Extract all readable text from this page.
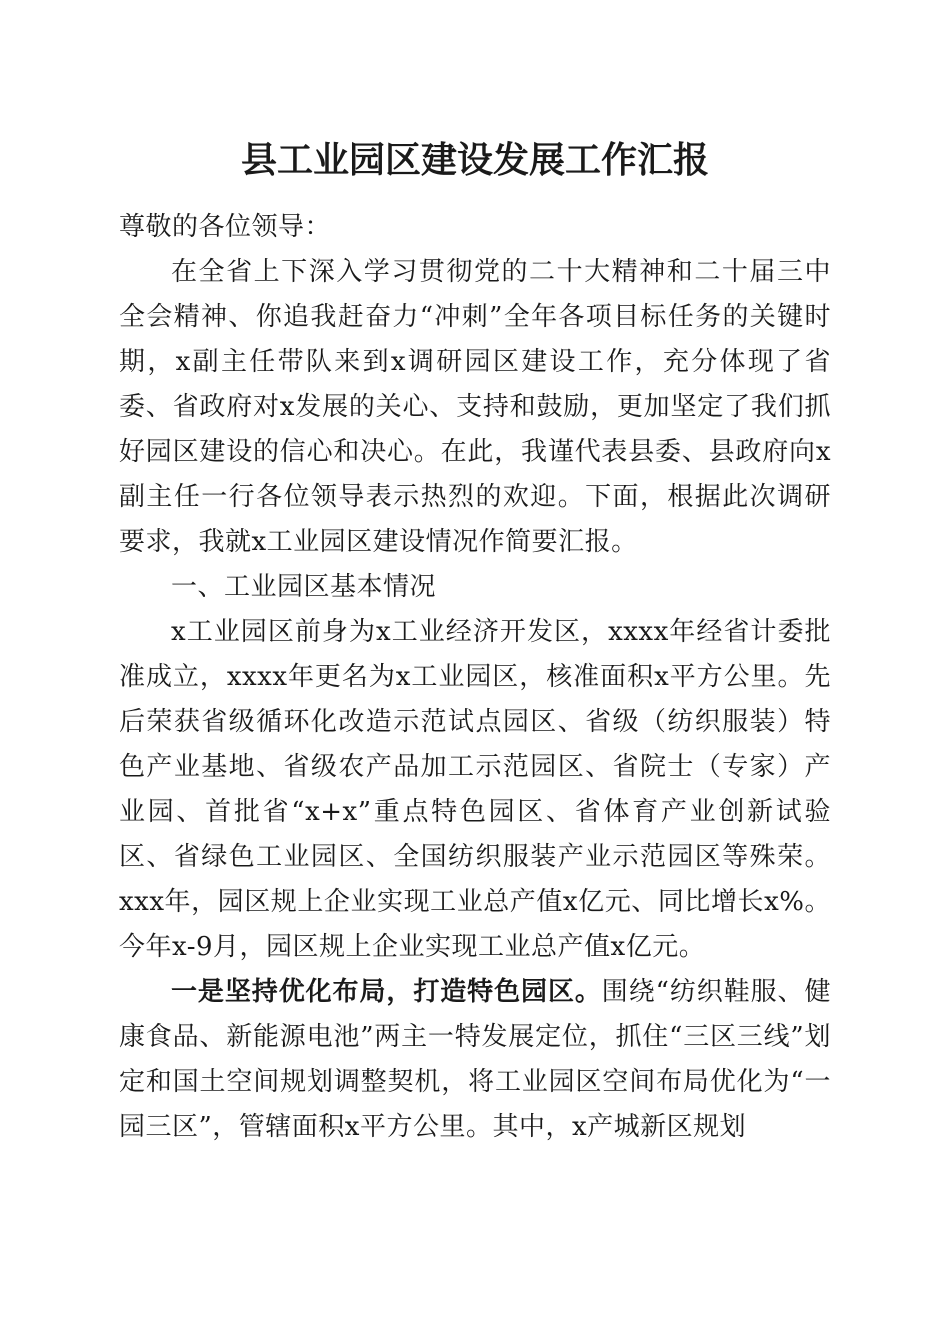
县工业园区建设发展工作汇报

尊敬的各位领导：

在全省上下深入学习贯彻党的二十大精神和二十届三中全会精神、你追我赶奋力“冲刺”全年各项目标任务的关键时期，x副主任带队来到x调研园区建设工作，充分体现了省委、省政府对x发展的关心、支持和鼓励，更加坚定了我们抓好园区建设的信心和决心。在此，我谨代表县委、县政府向x副主任一行各位领导表示热烈的欢迎。下面，根据此次调研要求，我就x工业园区建设情况作简要汇报。

一、工业园区基本情况

x工业园区前身为x工业经济开发区，xxxx年经省计委批准成立，xxxx年更名为x工业园区，核准面积x平方公里。先后荣获省级循环化改造示范试点园区、省级（纺织服装）特色产业基地、省级农产品加工示范园区、省院士（专家）产业园、首批省“x+x”重点特色园区、省体育产业创新试验区、省绿色工业园区、全国纺织服装产业示范园区等殊荣。xxx年，园区规上企业实现工业总产值x亿元、同比增长x%。今年x-9月，园区规上企业实现工业总产值x亿元。

一是坚持优化布局，打造特色园区。围绕“纺织鞋服、健康食品、新能源电池”两主一特发展定位，抓住“三区三线”划定和国土空间规划调整契机，将工业园区空间布局优化为“一园三区”，管辖面积x平方公里。其中，x产城新区规划
